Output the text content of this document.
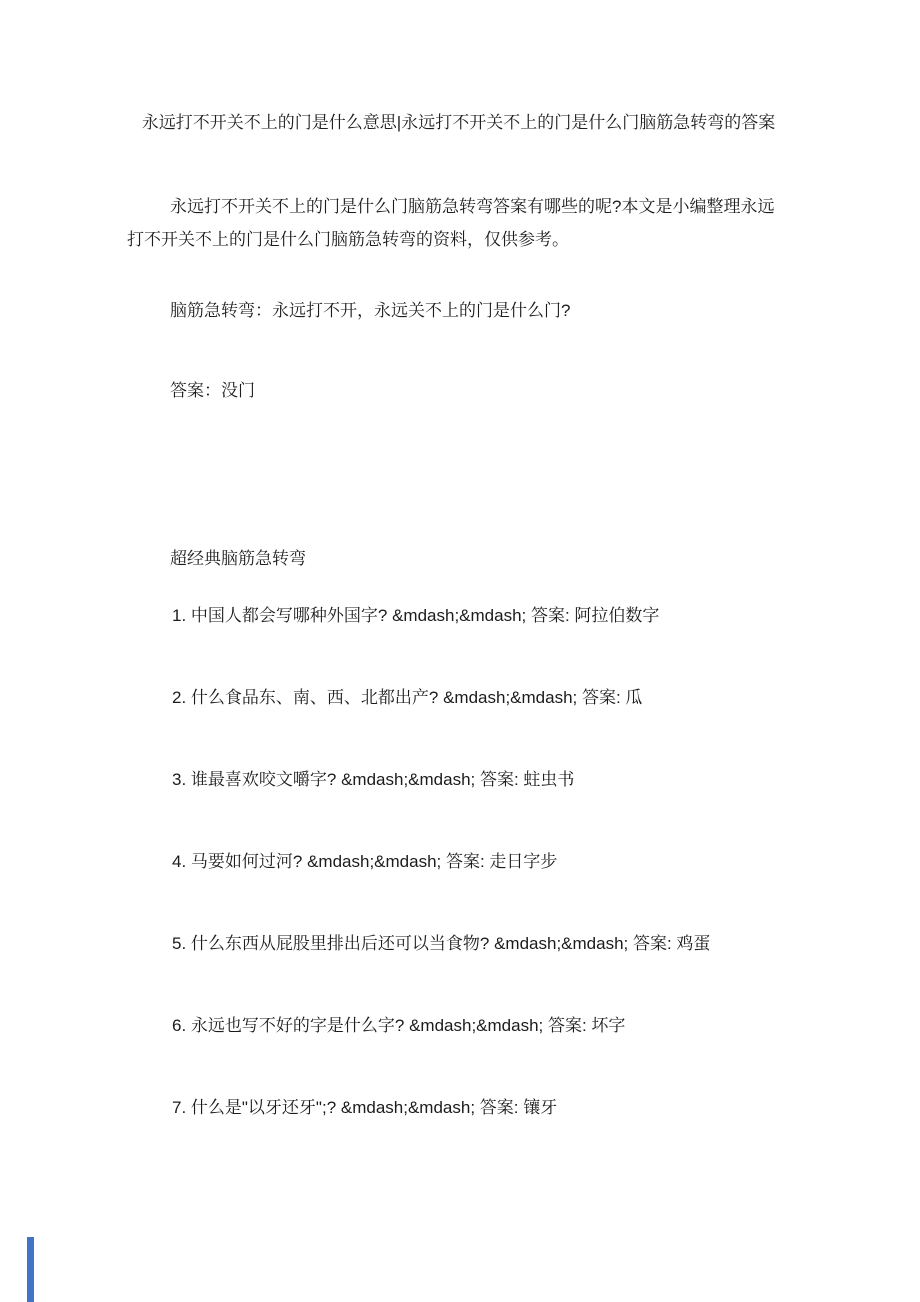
永远打不开关不上的门是什么意思|永远打不开关不上的门是什么门脑筋急转弯的答案

永远打不开关不上的门是什么门脑筋急转弯答案有哪些的呢?本文是小编整理永远打不开关不上的门是什么门脑筋急转弯的资料，仅供参考。

脑筋急转弯：永远打不开，永远关不上的门是什么门?

答案：没门

超经典脑筋急转弯

1. 中国人都会写哪种外国字? &mdash;&mdash; 答案: 阿拉伯数字

2. 什么食品东、南、西、北都出产? &mdash;&mdash; 答案: 瓜

3. 谁最喜欢咬文嚼字? &mdash;&mdash; 答案: 蛀虫书

4. 马要如何过河? &mdash;&mdash; 答案: 走日字步

5. 什么东西从屁股里排出后还可以当食物? &mdash;&mdash; 答案: 鸡蛋

6. 永远也写不好的字是什么字? &mdash;&mdash; 答案: 坏字

7. 什么是"以牙还牙";? &mdash;&mdash; 答案: 镶牙
